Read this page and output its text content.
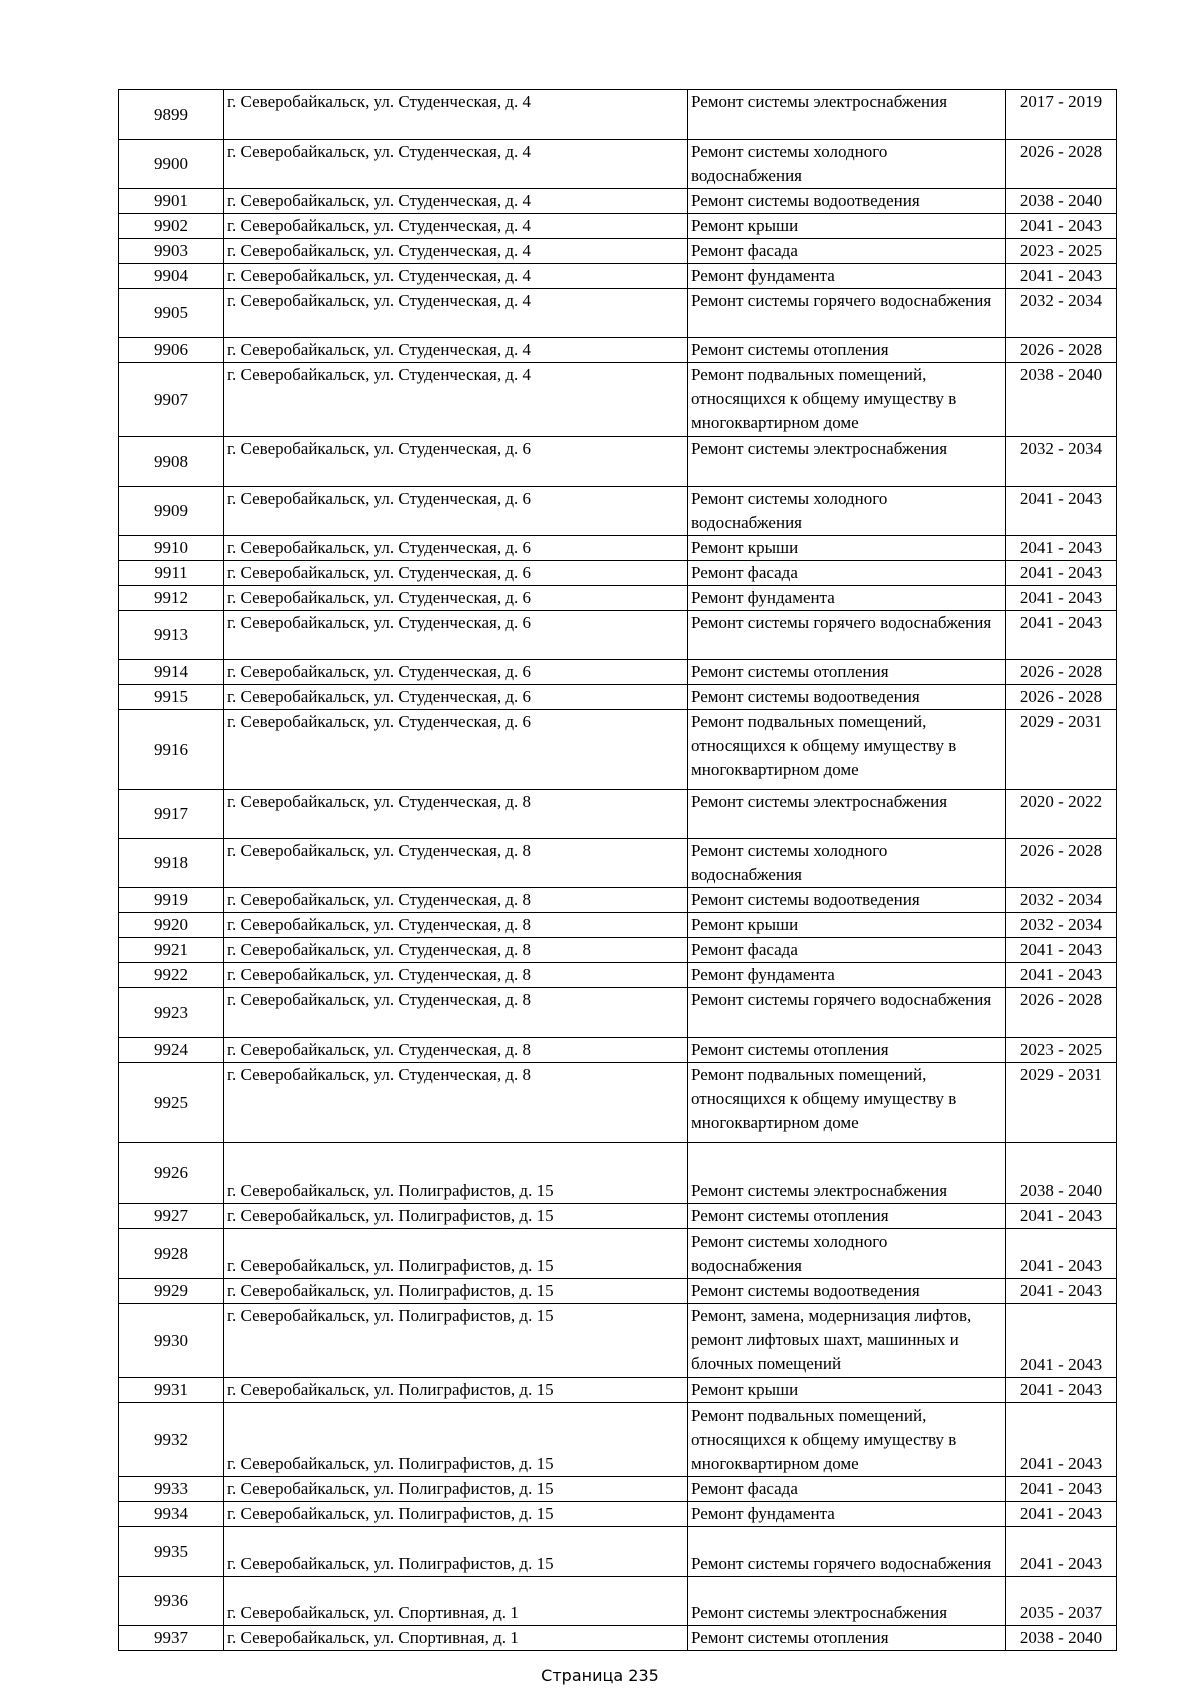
9899	г. Северобайкальск, ул. Студенческая, д. 4	Ремонт системы электроснабжения	2017 - 2019
9900	г. Северобайкальск, ул. Студенческая, д. 4	Ремонт системы холодного водоснабжения	2026 - 2028
9901	г. Северобайкальск, ул. Студенческая, д. 4	Ремонт системы водоотведения	2038 - 2040
9902	г. Северобайкальск, ул. Студенческая, д. 4	Ремонт крыши	2041 - 2043
9903	г. Северобайкальск, ул. Студенческая, д. 4	Ремонт фасада	2023 - 2025
9904	г. Северобайкальск, ул. Студенческая, д. 4	Ремонт фундамента	2041 - 2043
9905	г. Северобайкальск, ул. Студенческая, д. 4	Ремонт системы горячего водоснабжения	2032 - 2034
9906	г. Северобайкальск, ул. Студенческая, д. 4	Ремонт системы отопления	2026 - 2028
9907	г. Северобайкальск, ул. Студенческая, д. 4	Ремонт подвальных помещений, относящихся к общему имуществу в многоквартирном доме	2038 - 2040
9908	г. Северобайкальск, ул. Студенческая, д. 6	Ремонт системы электроснабжения	2032 - 2034
9909	г. Северобайкальск, ул. Студенческая, д. 6	Ремонт системы холодного водоснабжения	2041 - 2043
9910	г. Северобайкальск, ул. Студенческая, д. 6	Ремонт крыши	2041 - 2043
9911	г. Северобайкальск, ул. Студенческая, д. 6	Ремонт фасада	2041 - 2043
9912	г. Северобайкальск, ул. Студенческая, д. 6	Ремонт фундамента	2041 - 2043
9913	г. Северобайкальск, ул. Студенческая, д. 6	Ремонт системы горячего водоснабжения	2041 - 2043
9914	г. Северобайкальск, ул. Студенческая, д. 6	Ремонт системы отопления	2026 - 2028
9915	г. Северобайкальск, ул. Студенческая, д. 6	Ремонт системы водоотведения	2026 - 2028
9916	г. Северобайкальск, ул. Студенческая, д. 6	Ремонт подвальных помещений, относящихся к общему имуществу в многоквартирном доме	2029 - 2031
9917	г. Северобайкальск, ул. Студенческая, д. 8	Ремонт системы электроснабжения	2020 - 2022
9918	г. Северобайкальск, ул. Студенческая, д. 8	Ремонт системы холодного водоснабжения	2026 - 2028
9919	г. Северобайкальск, ул. Студенческая, д. 8	Ремонт системы водоотведения	2032 - 2034
9920	г. Северобайкальск, ул. Студенческая, д. 8	Ремонт крыши	2032 - 2034
9921	г. Северобайкальск, ул. Студенческая, д. 8	Ремонт фасада	2041 - 2043
9922	г. Северобайкальск, ул. Студенческая, д. 8	Ремонт фундамента	2041 - 2043
9923	г. Северобайкальск, ул. Студенческая, д. 8	Ремонт системы горячего водоснабжения	2026 - 2028
9924	г. Северобайкальск, ул. Студенческая, д. 8	Ремонт системы отопления	2023 - 2025
9925	г. Северобайкальск, ул. Студенческая, д. 8	Ремонт подвальных помещений, относящихся к общему имуществу в многоквартирном доме	2029 - 2031
9926	г. Северобайкальск, ул. Полиграфистов, д. 15	Ремонт системы электроснабжения	2038 - 2040
9927	г. Северобайкальск, ул. Полиграфистов, д. 15	Ремонт системы отопления	2041 - 2043
9928	г. Северобайкальск, ул. Полиграфистов, д. 15	Ремонт системы холодного водоснабжения	2041 - 2043
9929	г. Северобайкальск, ул. Полиграфистов, д. 15	Ремонт системы водоотведения	2041 - 2043
9930	г. Северобайкальск, ул. Полиграфистов, д. 15	Ремонт, замена, модернизация лифтов, ремонт лифтовых шахт, машинных и блочных помещений	2041 - 2043
9931	г. Северобайкальск, ул. Полиграфистов, д. 15	Ремонт крыши	2041 - 2043
9932	г. Северобайкальск, ул. Полиграфистов, д. 15	Ремонт подвальных помещений, относящихся к общему имуществу в многоквартирном доме	2041 - 2043
9933	г. Северобайкальск, ул. Полиграфистов, д. 15	Ремонт фасада	2041 - 2043
9934	г. Северобайкальск, ул. Полиграфистов, д. 15	Ремонт фундамента	2041 - 2043
9935	г. Северобайкальск, ул. Полиграфистов, д. 15	Ремонт системы горячего водоснабжения	2041 - 2043
9936	г. Северобайкальск, ул. Спортивная, д. 1	Ремонт системы электроснабжения	2035 - 2037
9937	г. Северобайкальск, ул. Спортивная, д. 1	Ремонт системы отопления	2038 - 2040
Страница 235
